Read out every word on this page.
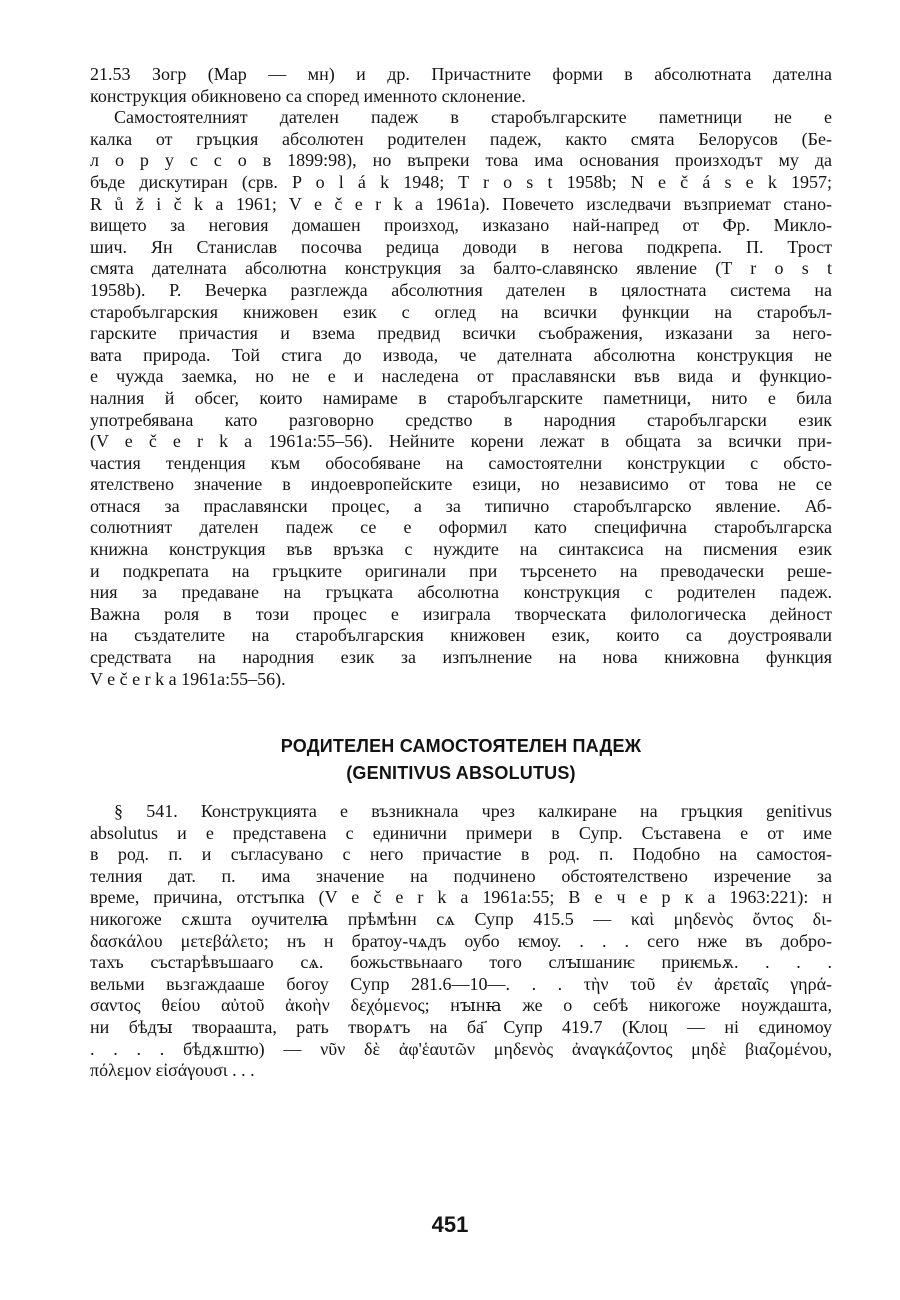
21.53 Зогр (Мар — мн) и др. Причастните форми в абсолютната дателна
конструкция обикновено са според именното склонение.
Самостоятелният дателен падеж в старобългарските паметници не е
калка от гръцкия абсолютен родителен падеж, както смята Белорусов (Бе-
л о р у с с о в 1899:98), но въпреки това има основания произходът му да
бъде дискутиран (срв. P o l á k 1948; T r o s t 1958b; N e č á s e k 1957;
R ů ž i č k a 1961; V e č e r k a 1961a). Повечето изследвачи възприемат стано-
вището за неговия домашен произход, изказано най-напред от Фр. Микло-
шич. Ян Станислав посочва редица доводи в негова подкрепа. П. Трост
смята дателната абсолютна конструкция за балто-славянско явление (T r o s t
1958b). Р. Вечерка разглежда абсолютния дателен в цялостната система на
старобългарския книжовен език с оглед на всички функции на старобъл-
гарските причастия и взема предвид всички съображения, изказани за него-
вата природа. Той стига до извода, че дателната абсолютна конструкция не
е чужда заемка, но не е и наследена от праславянски във вида и функцио-
налния й обсег, които намираме в старобългарските паметници, нито е била
употребявана като разговорно средство в народния старобългарски език
(V e č e r k a 1961a:55–56). Нейните корени лежат в общата за всички при-
частия тенденция към обособяване на самостоятелни конструкции с обсто-
ятелствено значение в индоевропейските езици, но независимо от това не се
отнася за праславянски процес, а за типично старобългарско явление. Аб-
солютният дателен падеж се е оформил като специфична старобългарска
книжна конструкция във връзка с нуждите на синтаксиса на писмения език
и подкрепата на гръцките оригинали при търсенето на преводачески реше-
ния за предаване на гръцката абсолютна конструкция с родителен падеж.
Важна роля в този процес е изиграла творческата филологическа дейност
на създателите на старобългарския книжовен език, които са доустроявали
средствата на народния език за изпълнение на нова книжовна функция
V e č e r k a 1961a:55–56).
РОДИТЕЛЕН САМОСТОЯТЕЛЕН ПАДЕЖ
(GENITIVUS ABSOLUTUS)
§ 541. Конструкцията е възникнала чрез калкиране на гръцкия genitivus
absolutus и е представена с единични примери в Супр. Съставена е от име
в род. п. и съгласувано с него причастие в род. п. Подобно на самостоя-
телния дат. п. има значение на подчинено обстоятелствено изречение за
време, причина, отстъпка (V e č e r k a 1961a:55; В е ч е р к а 1963:221): н
никогоже сѫшта оучителꙗ прѣмѣнн сѧ Супр 415.5 — καὶ μηδενὸς ὄντος δι-
δασκάλου μετεβάλετο; нъ н братоу-чѧдъ оубо ѥмоу. . . . сего нже въ добро-
тахъ състарѣвъшааго сѧ. божьствьнааго того слꙑшаниѥ приѥмьѫ. . . .
вельми вьзгаждааше богоу Супр 281.6—10—. . . τὴν τοῦ ἐν ἀρεταῖς γηρά-
σαντος θείου αὐτοῦ ἀκοὴν δεχόμενος; нꙑнꙗ же о себѣ никогоже ноуждашта,
ни бѣдꙑ твораашта, рать творѧтъ на ба҃ Супр 419.7 (Клоц — ні єдиномоу
. . . . бѣдѫштю) — νῦν δὲ ἀφ'ἑαυτῶν μηδενὸς ἀναγκάζοντος μηδὲ βιαζομένου,
πόλεμον εἰσάγουσι . . .
451
